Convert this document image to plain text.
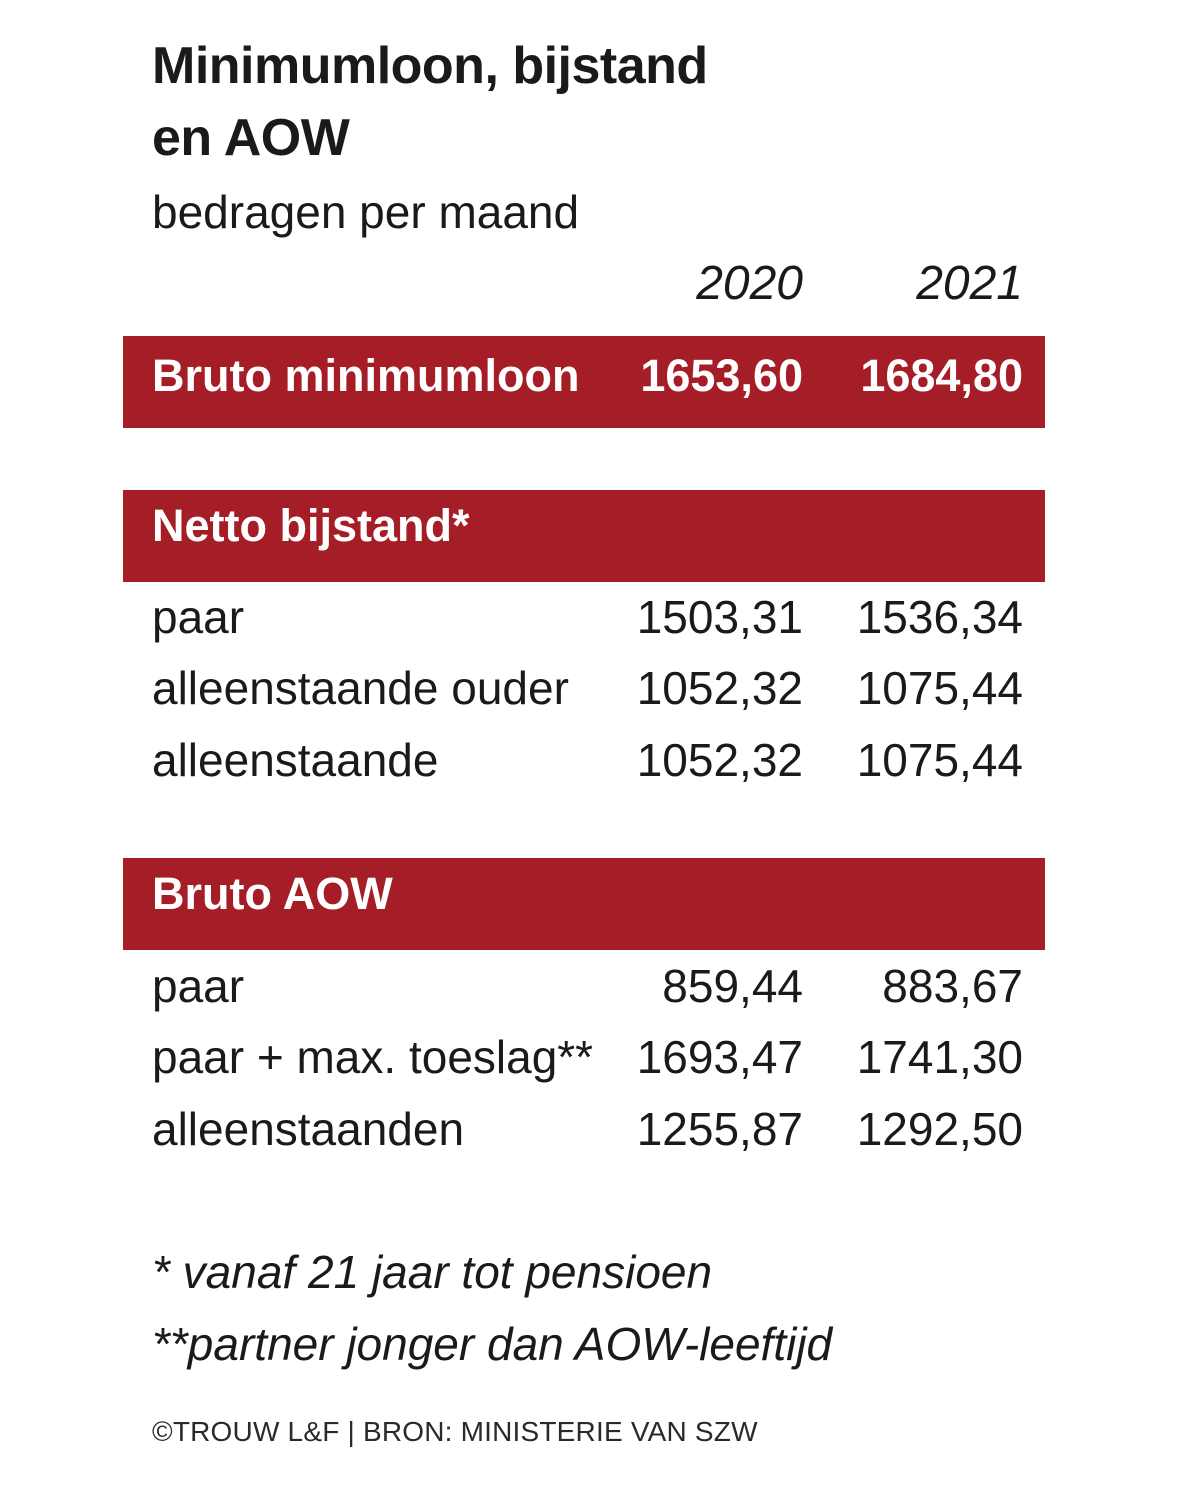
Minimumloon, bijstand
en AOW
bedragen per maand
2020 2021
Bruto minimumloon 1653,60 1684,80
Netto bijstand*
paar	1503,31 1536,34
alleenstaande ouder 1052,32 1075,44
alleenstaande	1052,32 1075,44
Bruto AOW
paar	859,44 883,67
paar + max. toeslag** 1693,47 1741,30
alleenstaanden	1255,87 1292,50
* vanaf 21 jaar tot pensioen
**partner jonger dan AOW-leeftijd
©TROUW L&F | BRON: MINISTERIE VAN SZW
